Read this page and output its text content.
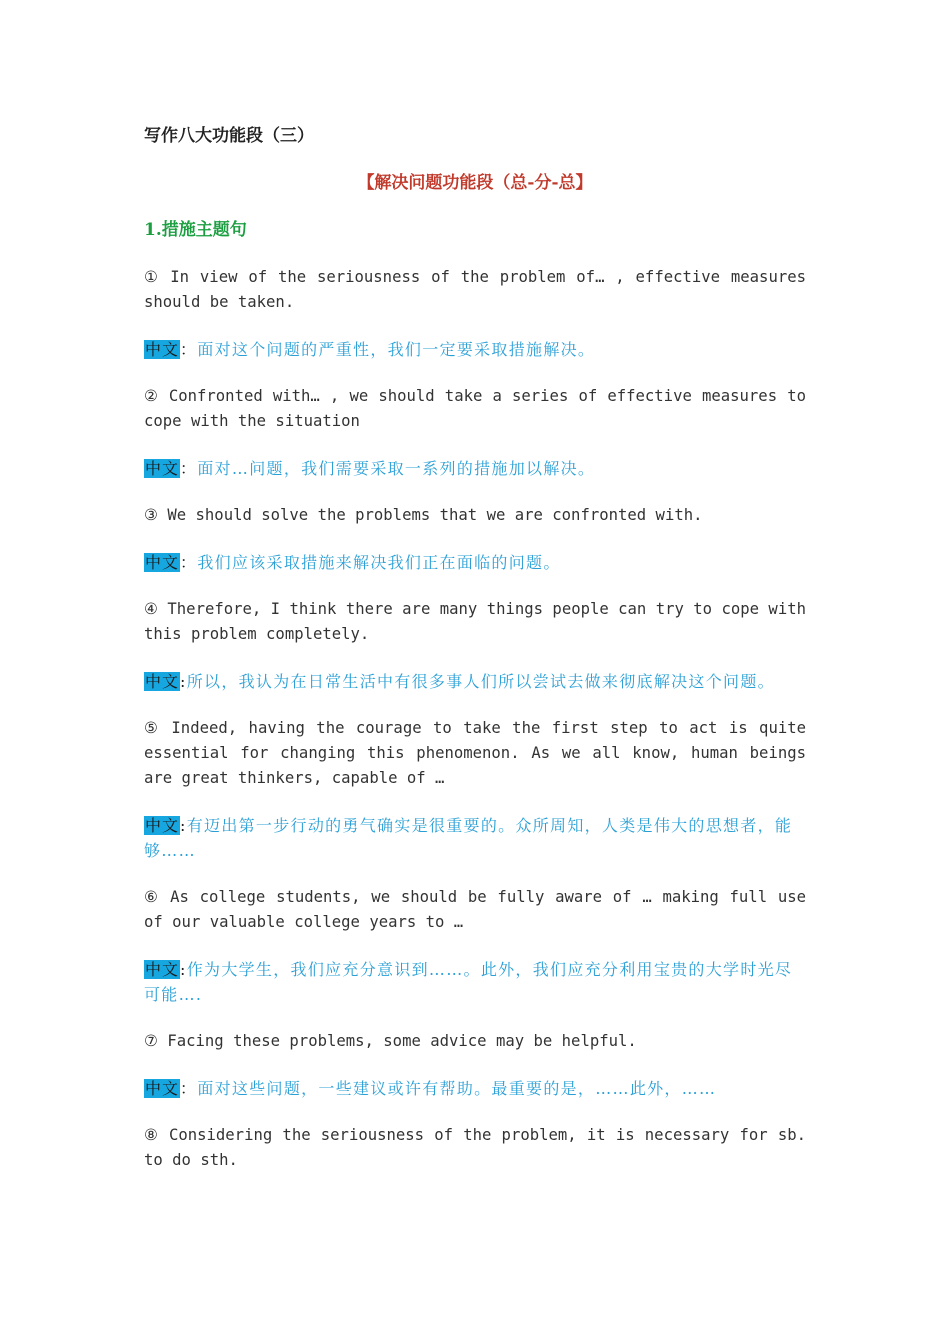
写作八大功能段（三）
【解决问题功能段（总-分-总】
1.措施主题句

① In view of the seriousness of the problem of… , effective measures should be taken.

中文：面对这个问题的严重性，我们一定要采取措施解决。

② Confronted with… , we should take a series of effective measures to cope with the situation

中文：面对…问题，我们需要采取一系列的措施加以解决。

③ We should solve the problems that we are confronted with.

中文：我们应该采取措施来解决我们正在面临的问题。

④ Therefore, I think there are many things people can try to cope with this problem completely.

中文:所以，我认为在日常生活中有很多事人们所以尝试去做来彻底解决这个问题。

⑤ Indeed, having the courage to take the first step to act is quite essential for changing this phenomenon. As we all know, human beings are great thinkers, capable of …

中文:有迈出第一步行动的勇气确实是很重要的。众所周知，人类是伟大的思想者，能够……

⑥ As college students, we should be fully aware of … making full use of our valuable college years to …

中文:作为大学生，我们应充分意识到……。此外，我们应充分利用宝贵的大学时光尽可能….

⑦ Facing these problems, some advice may be helpful.

中文：面对这些问题，一些建议或许有帮助。最重要的是，……此外，……

⑧ Considering the seriousness of the problem, it is necessary for sb. to do sth.
